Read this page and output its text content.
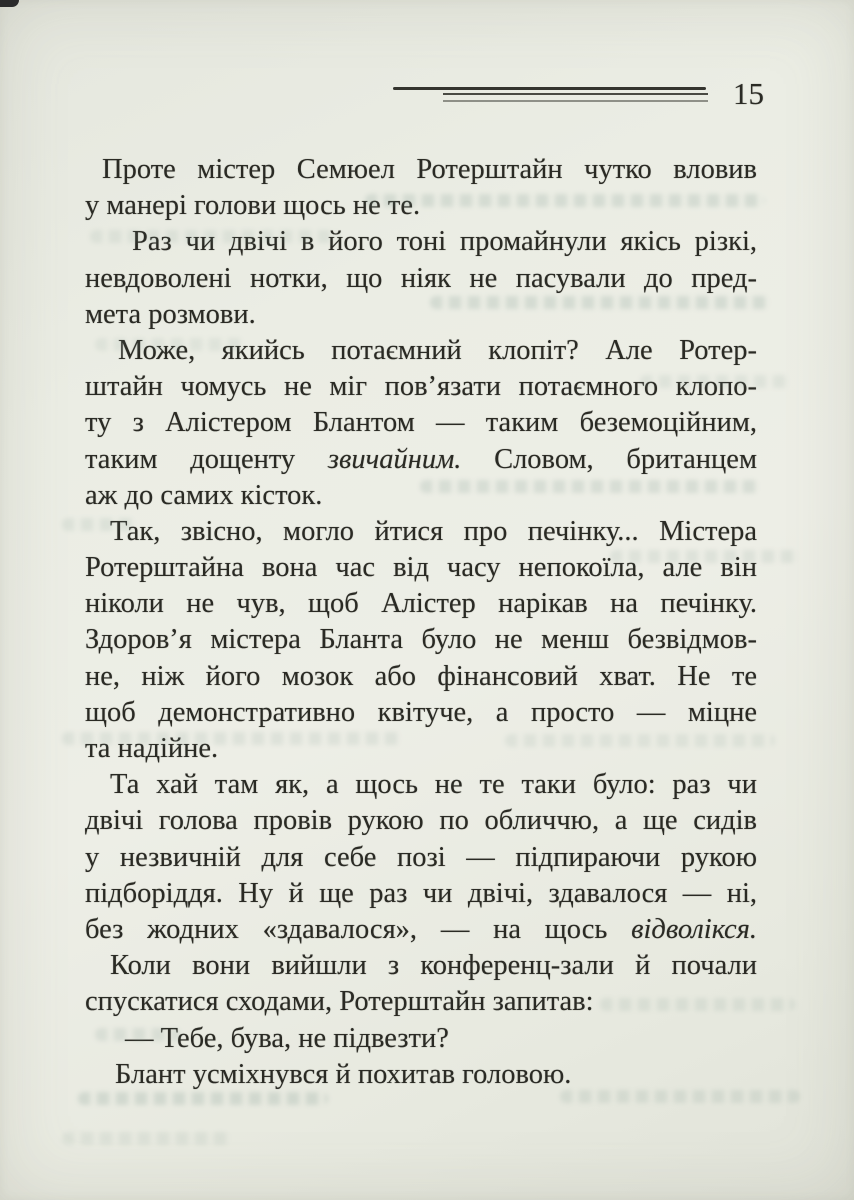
15
Проте містер Семюел Ротерштайн чутко вловив
у манері голови щось не те.
Раз чи двічі в його тоні промайнули якісь різкі,
невдоволені нотки, що ніяк не пасували до пред-
мета розмови.
Може, якийсь потаємний клопіт? Але Ротер-
штайн чомусь не міг пов’язати потаємного клопо-
ту з Алістером Блантом — таким беземоційним,
таким дощенту звичайним. Словом, британцем
аж до самих кісток.
Так, звісно, могло йтися про печінку... Містера
Ротерштайна вона час від часу непокоїла, але він
ніколи не чув, щоб Алістер нарікав на печінку.
Здоров’я містера Бланта було не менш безвідмов-
не, ніж його мозок або фінансовий хват. Не те
щоб демонстративно квітуче, а просто — міцне
та надійне.
Та хай там як, а щось не те таки було: раз чи
двічі голова провів рукою по обличчю, а ще сидів
у незвичній для себе позі — підпираючи рукою
підборіддя. Ну й ще раз чи двічі, здавалося — ні,
без жодних «здавалося», — на щось відволікся.
Коли вони вийшли з конференц-зали й почали
спускатися сходами, Ротерштайн запитав:
— Тебе, бува, не підвезти?
Блант усміхнувся й похитав головою.
